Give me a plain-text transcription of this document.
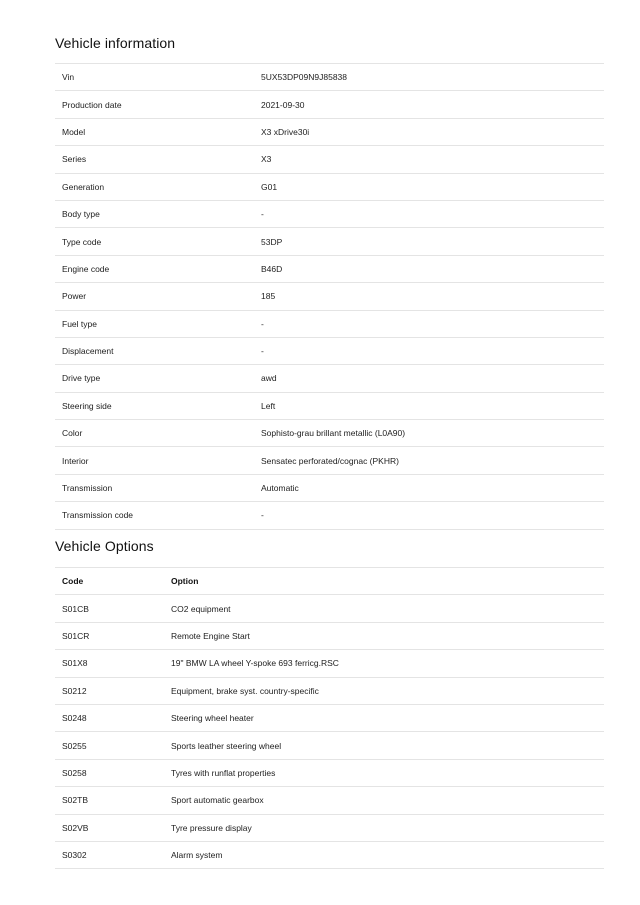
Vehicle information
Vin	5UX53DP09N9J85838
Production date	2021-09-30
Model	X3 xDrive30i
Series	X3
Generation	G01
Body type	-
Type code	53DP
Engine code	B46D
Power	185
Fuel type	-
Displacement	-
Drive type	awd
Steering side	Left
Color	Sophisto-grau brillant metallic (L0A90)
Interior	Sensatec perforated/cognac (PKHR)
Transmission	Automatic
Transmission code	-
Vehicle Options
Code	Option
S01CB	CO2 equipment
S01CR	Remote Engine Start
S01X8	19" BMW LA wheel Y-spoke 693 ferricg.RSC
S0212	Equipment, brake syst. country-specific
S0248	Steering wheel heater
S0255	Sports leather steering wheel
S0258	Tyres with runflat properties
S02TB	Sport automatic gearbox
S02VB	Tyre pressure display
S0302	Alarm system
